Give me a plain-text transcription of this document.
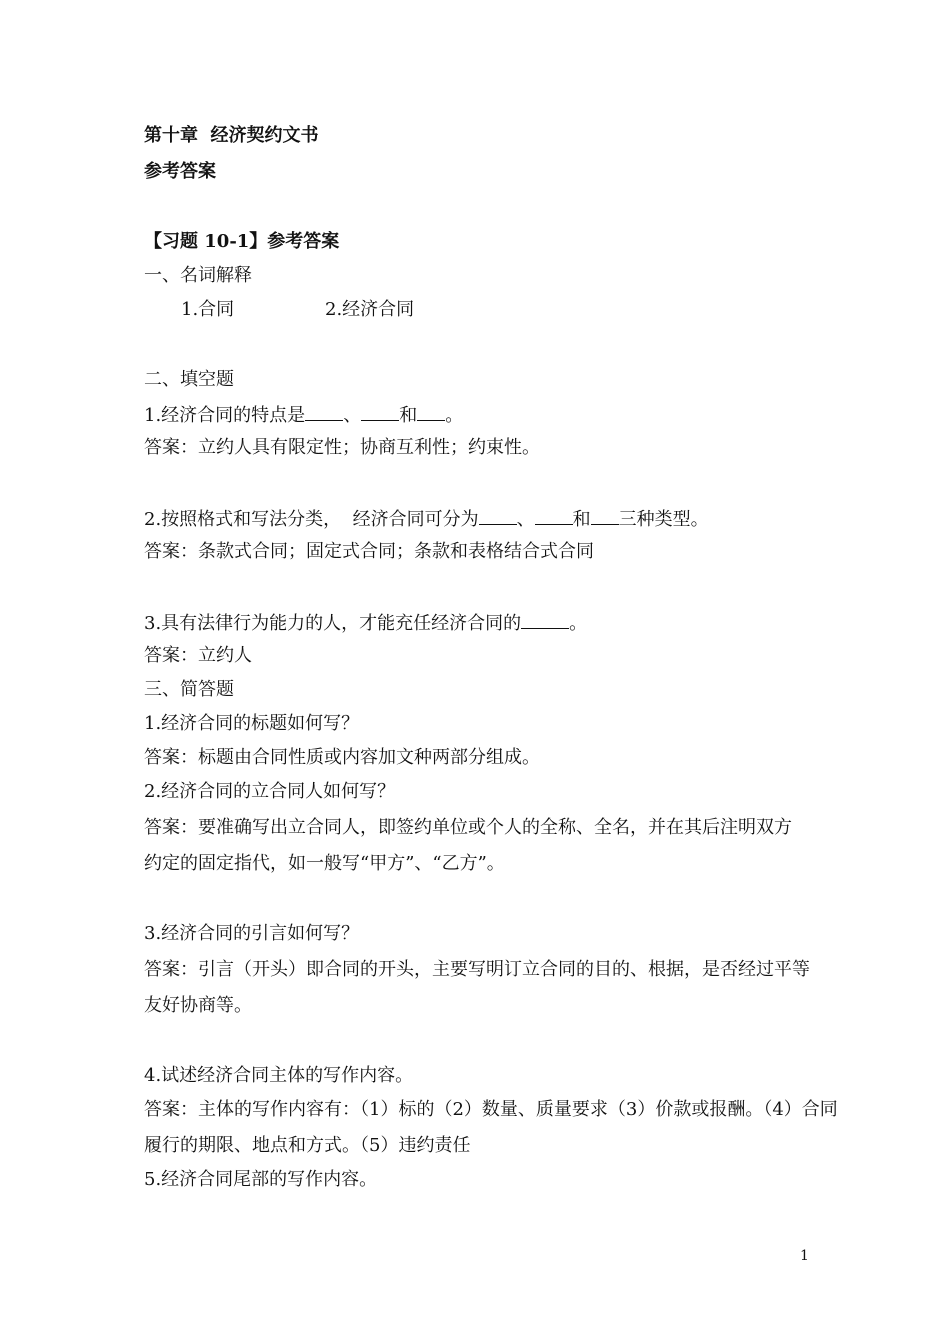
第十章  经济契约文书
参考答案
【习题 10-1】参考答案
一、名词解释
1.合同	2.经济合同
二、填空题
1.经济合同的特点是 、 和 。
答案：立约人具有限定性；协商互利性；约束性。
2.按照格式和写法分类，  经济合同可分为 、 和 三种类型。
答案：条款式合同；固定式合同；条款和表格结合式合同
3.具有法律行为能力的人，才能充任经济合同的	。
答案：立约人
三、简答题
1.经济合同的标题如何写？
答案：标题由合同性质或内容加文种两部分组成。
2.经济合同的立合同人如何写？
答案：要准确写出立合同人，即签约单位或个人的全称、全名，并在其后注明双方
约定的固定指代，如一般写“甲方”、“乙方”。
3.经济合同的引言如何写？
答案：引言（开头）即合同的开头，主要写明订立合同的目的、根据，是否经过平等
友好协商等。
4.试述经济合同主体的写作内容。
答案：主体的写作内容有：（1）标的（2）数量、质量要求（3）价款或报酬。（4）合同
履行的期限、地点和方式。（5）违约责任
5.经济合同尾部的写作内容。
1
